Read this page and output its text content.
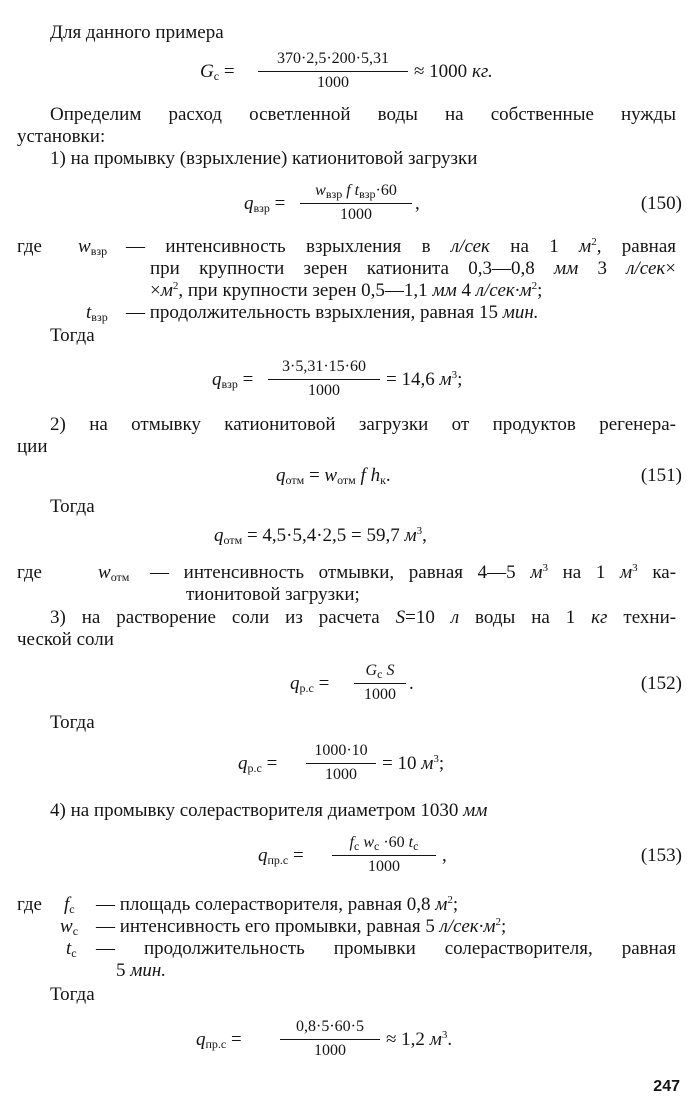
Для данного примера
$G_c$ =
370·2,5·200·5,31
1000
≈ 1000 кг.
Определим расход осветленной воды на собственные нужды
установки:
1) на промывку (взрыхление) катионитовой загрузки
$q_{взр}$ =
$w_{взр}$ f $t_{взр}\cdot 60$
1000
,	(150)
где $w_{взр}$ — интенсивность взрыхления в л/сек на 1 $м^2$, равная
при крупности зерен катионита 0,3—0,8 мм 3 л/сек×
$\times м^2$, при крупности зерен 0,5—1,1 мм 4 $л/сек\cdot м^2$;
$t_{взр}$ — продолжительность взрыхления, равная 15 мин.
Тогда
$q_{взр}$ =
3·5,31·15·60
1000
= 14,6 $м^3$;
2) на отмывку катионитовой загрузки от продуктов регенера-
ции
$q_{отм} = w_{отм}$ f $h_к$.	(151)
Тогда
$q_{отм} = 4,5\cdot 5,4\cdot 2,5 = 59,7$ $м^3$,
где	$w_{отм}$ — интенсивность отмывки, равная 4—5 $м^3$ на 1 $м^3$ ка-
тионитовой загрузки;
3) на растворение соли из расчета S=10 л воды на 1 кг техни-
ческой соли
$q_{р.с}$ =
$G_c$ S
1000
.	(152)
Тогда
$q_{р.с}$ =
1000·10
1000
= 10 $м^3$;
4) на промывку солерастворителя диаметром 1030 мм
$q_{пр.с}$ =
$f_c$ $w_c \cdot 60$ $t_c$
1000
,	(153)
где $f_c$ — площадь солерастворителя, равная 0,8 $м^2$;
$w_c$ — интенсивность его промывки, равная 5 $л/сек\cdot м^2$;
$t_c$ — продолжительность промывки солерастворителя, равная
5 мин.
Тогда
$q_{пр.с}$ =
0,8·5·60·5
1000
≈ 1,2 $м^3$.
247
